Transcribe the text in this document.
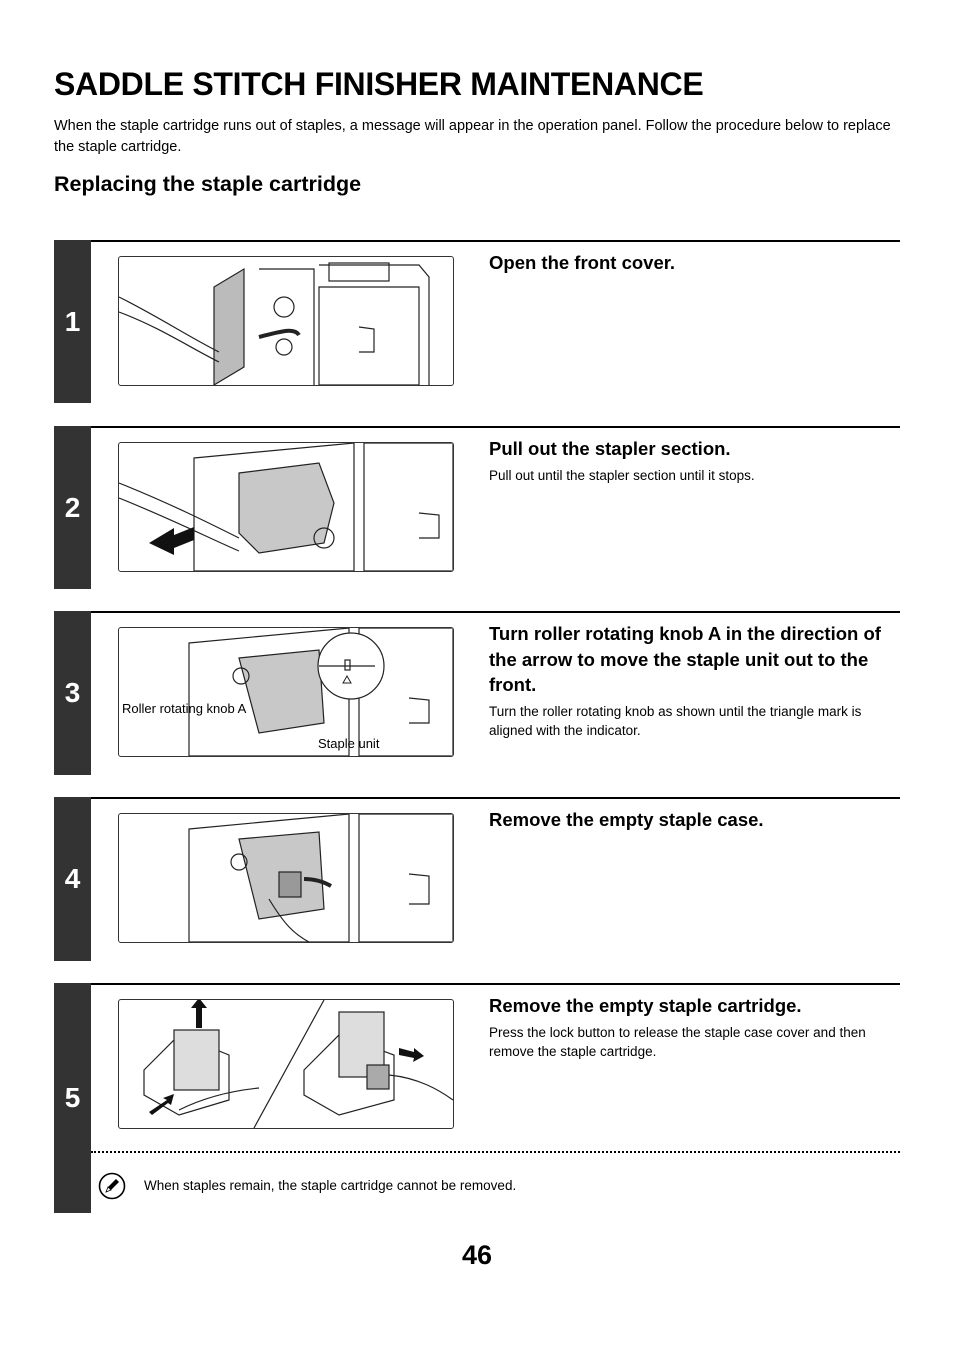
SADDLE STITCH FINISHER MAINTENANCE

When the staple cartridge runs out of staples, a message will appear in the operation panel. Follow the procedure below to replace the staple cartridge.

Replacing the staple cartridge
1

Open the front cover.

2

Pull out the stapler section.

Pull out until the stapler section until it stops.

3
Roller rotating knob A
Staple unit

Turn roller rotating knob A in the direction of the arrow to move the staple unit out to the front.

Turn the roller rotating knob as shown until the triangle mark is aligned with the indicator.

4

Remove the empty staple case.

5

Remove the empty staple cartridge.

Press the lock button to release the staple case cover and then remove the staple cartridge.

When staples remain, the staple cartridge cannot be removed.

46
